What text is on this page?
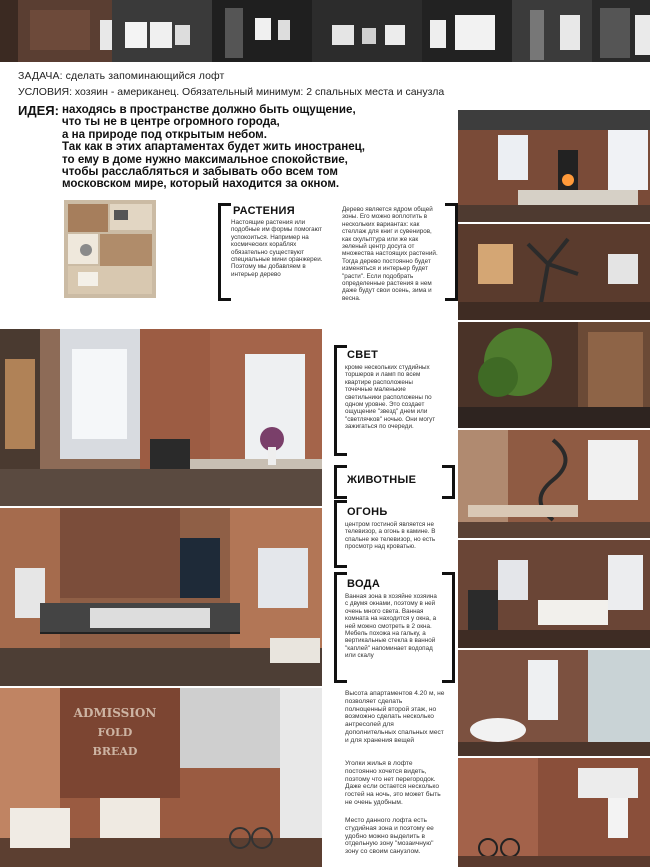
ЗАДАЧА: сделать запоминающийся лофт

УСЛОВИЯ: хозяин - американец. Обязательный минимум: 2 спальных места и санузла

ИДЕЯ: находясь в пространстве должно быть ощущение,
что ты не в центре огромного города,
а на природе под открытым небом.
Так как в этих апартаментах будет жить иностранец,
то ему в доме нужно максимальное спокойствие,
чтобы расслабляться и забывать обо всем том
московском мире, который находится за окном.

ADMISSION
FOLD
BREAD

РАСТЕНИЯ

Настоящие растения или подобные им формы помогают успокоиться. Например на космических кораблях обязательно существуют специальные мини оранжереи. Поэтому мы добавляем в интерьер дерево

Дерево является ядром общей зоны. Его можно воплотить в нескольких вариантах: как стеллаж для книг и сувениров, как скульптура или же как зеленый центр досуга от множества настоящих растений. Тогда дерево постоянно будет изменяться и интерьер будет "расти". Если подобрать определенные растения в нем даже будут свои осень, зима и весна.

СВЕТ

кроме нескольких студийных торшеров и ламп по всем квартире расположены точечные маленькие светильники расположены по одном уровне. Это создает ощущение "звезд" днем или "светлячков" ночью. Они могут зажигаться по очереди.

ЖИВОТНЫЕ

ОГОНЬ

центром гостиной является не телевизор, а огонь в камине. В спальне же телевизор, но есть просмотр над кроватью.

ВОДА

Ванная зона в хозяйне хозяина с двумя окнами, поэтому в ней очень много света. Ванная комната на находится у окна, а ней можно смотреть в 2 окна. Мебель похожа на гальку, а вертикальные стекла в ванной "каплей" напоминает водопад или скалу

Высота апартаментов 4.20 м, не позволяет сделать полноценный второй этаж, но возможно сделать несколько антресолей для дополнительных спальных мест и для хранения вещей

Уголки жилья в лофте постоянно хочется видеть, поэтому что нет перегородок. Даже если остается несколько гостей на ночь, это может быть не очень удобным.

Место данного лофта есть студийная зона и поэтому ее удобно можно выделить в отдельную зону "мозаичную" зону со своим санузлом.
